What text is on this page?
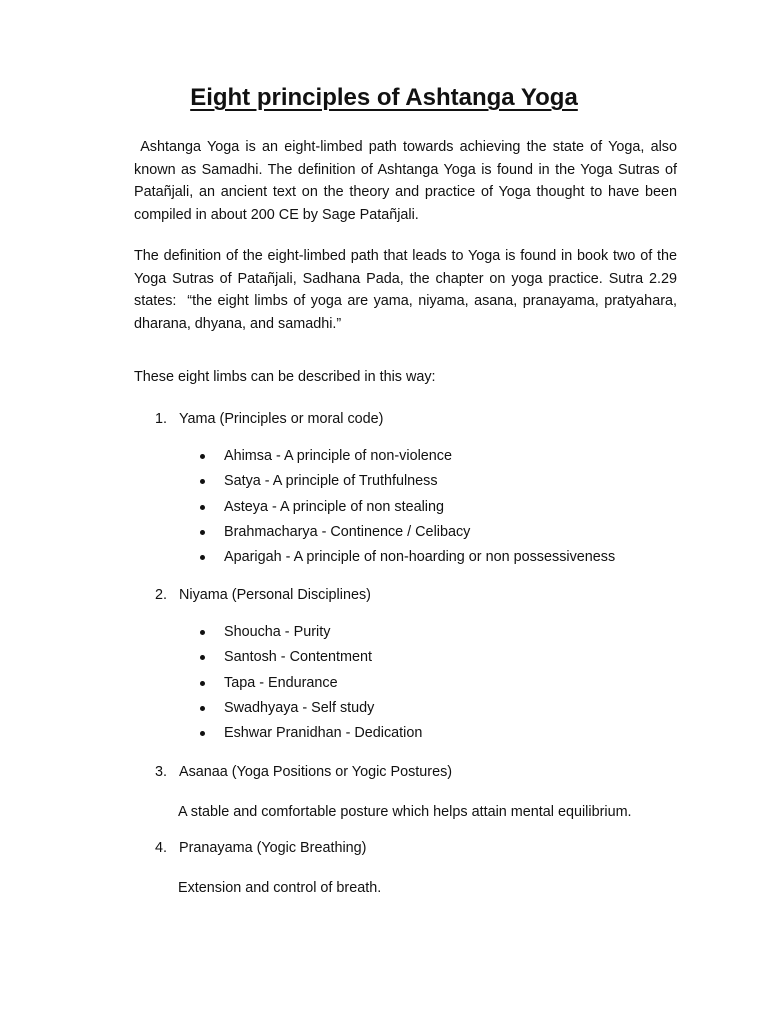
Eight principles of Ashtanga Yoga

Ashtanga Yoga is an eight-limbed path towards achieving the state of Yoga, also known as Samadhi. The definition of Ashtanga Yoga is found in the Yoga Sutras of Patañjali, an ancient text on the theory and practice of Yoga thought to have been compiled in about 200 CE by Sage Patañjali.

The definition of the eight-limbed path that leads to Yoga is found in book two of the Yoga Sutras of Patañjali, Sadhana Pada, the chapter on yoga practice. Sutra 2.29 states:  “the eight limbs of yoga are yama, niyama, asana, pranayama, pratyahara, dharana, dhyana, and samadhi.”

These eight limbs can be described in this way:

1. Yama (Principles or moral code)
Ahimsa - A principle of non-violence
Satya - A principle of Truthfulness
Asteya - A principle of non stealing
Brahmacharya - Continence / Celibacy
Aparigah - A principle of non-hoarding or non possessiveness
2. Niyama (Personal Disciplines)
Shoucha - Purity
Santosh - Contentment
Tapa - Endurance
Swadhyaya - Self study
Eshwar Pranidhan - Dedication
3. Asanaa (Yoga Positions or Yogic Postures)

A stable and comfortable posture which helps attain mental equilibrium.

4. Pranayama (Yogic Breathing)

Extension and control of breath.
